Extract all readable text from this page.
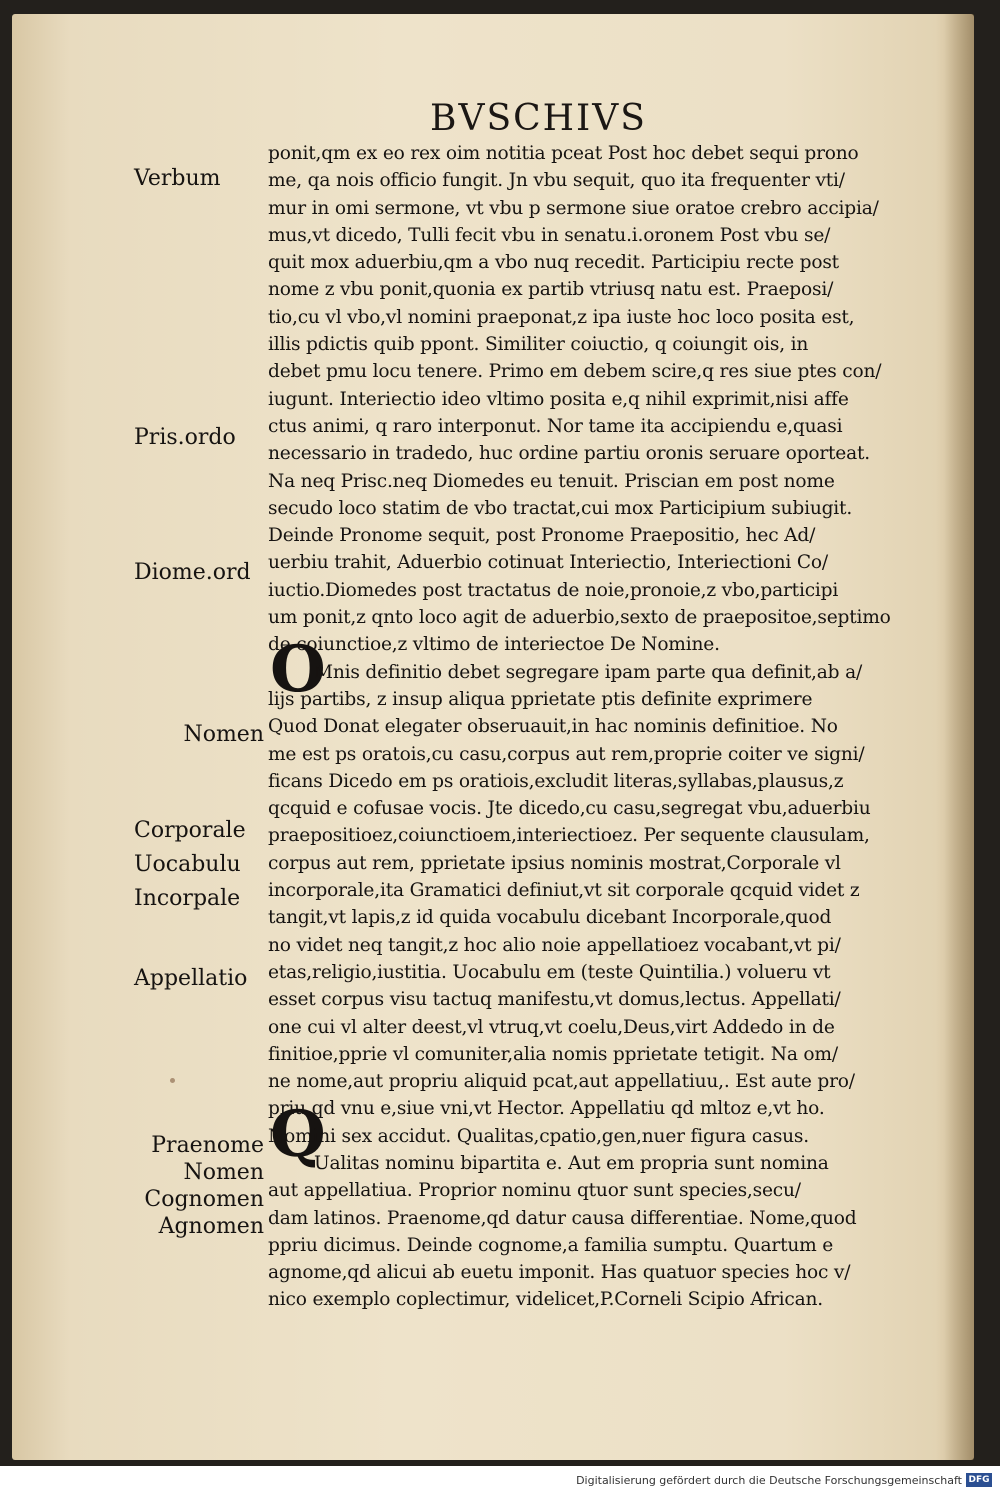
BVSCHIVS
O
Q
ponit,qm ex eo rex oim notitia pceat Post hoc debet sequi prono
me, qa nois officio fungit. Jn vbu sequit, quo ita frequenter vti/
mur in omi sermone, vt vbu p sermone siue oratoe crebro accipia/
mus,vt dicedo, Tulli fecit vbu in senatu.i.oronem Post vbu se/
quit mox aduerbiu,qm a vbo nuq recedit. Participiu recte post
nome z vbu ponit,quonia ex partib vtriusq natu est. Praeposi/
tio,cu vl vbo,vl nomini praeponat,z ipa iuste hoc loco posita est,
illis pdictis quib ppont. Similiter coiuctio, q coiungit ois, in
debet pmu locu tenere. Primo em debem scire,q res siue ptes con/
iugunt. Interiectio ideo vltimo posita e,q nihil exprimit,nisi affe
ctus animi, q raro interponut. Nor tame ita accipiendu e,quasi
necessario in tradedo, huc ordine partiu oronis seruare oporteat.
Na neq Prisc.neq Diomedes eu tenuit. Priscian em post nome
secudo loco statim de vbo tractat,cui mox Participium subiugit.
Deinde Pronome sequit, post Pronome Praepositio, hec Ad/
uerbiu trahit, Aduerbio cotinuat Interiectio, Interiectioni Co/
iuctio.Diomedes post tractatus de noie,pronoie,z vbo,participi
um ponit,z qnto loco agit de aduerbio,sexto de praepositoe,septimo
de coiunctioe,z vltimo de interiectoe De Nomine.
Mnis definitio debet segregare ipam parte qua definit,ab a/
lijs partibs, z insup aliqua pprietate ptis definite exprimere
Quod Donat elegater obseruauit,in hac nominis definitioe. No
me est ps oratois,cu casu,corpus aut rem,proprie coiter ve signi/
ficans Dicedo em ps oratiois,excludit literas,syllabas,plausus,z
qcquid e cofusae vocis. Jte dicedo,cu casu,segregat vbu,aduerbiu
praepositioez,coiunctioem,interiectioez. Per sequente clausulam,
corpus aut rem, pprietate ipsius nominis mostrat,Corporale vl
incorporale,ita Gramatici definiut,vt sit corporale qcquid videt z
tangit,vt lapis,z id quida vocabulu dicebant Incorporale,quod
no videt neq tangit,z hoc alio noie appellatioez vocabant,vt pi/
etas,religio,iustitia. Uocabulu em (teste Quintilia.) volueru vt
esset corpus visu tactuq manifestu,vt domus,lectus. Appellati/
one cui vl alter deest,vl vtruq,vt coelu,Deus,virt Addedo in de
finitioe,pprie vl comuniter,alia nomis pprietate tetigit. Na om/
ne nome,aut propriu aliquid pcat,aut appellatiuu,. Est aute pro/
priu,qd vnu e,siue vni,vt Hector. Appellatiu qd mltoz e,vt ho.
Nomini sex accidut. Qualitas,cpatio,gen,nuer figura casus.
Ualitas nominu bipartita e. Aut em propria sunt nomina
aut appellatiua. Proprior nominu qtuor sunt species,secu/
dam latinos. Praenome,qd datur causa differentiae. Nome,quod
ppriu dicimus. Deinde cognome,a familia sumptu. Quartum e
agnome,qd alicui ab euetu imponit. Has quatuor species hoc v/
nico exemplo coplectimur, videlicet,P.Corneli Scipio African.
Verbum
Pris.ordo
Diome.ord
Nomen
Corporale
Uocabulu
Incorpale
Appellatio
Praenome
Nomen
Cognomen
Agnomen
Digitalisierung gefördert durch die Deutsche Forschungsgemeinschaft DFG
